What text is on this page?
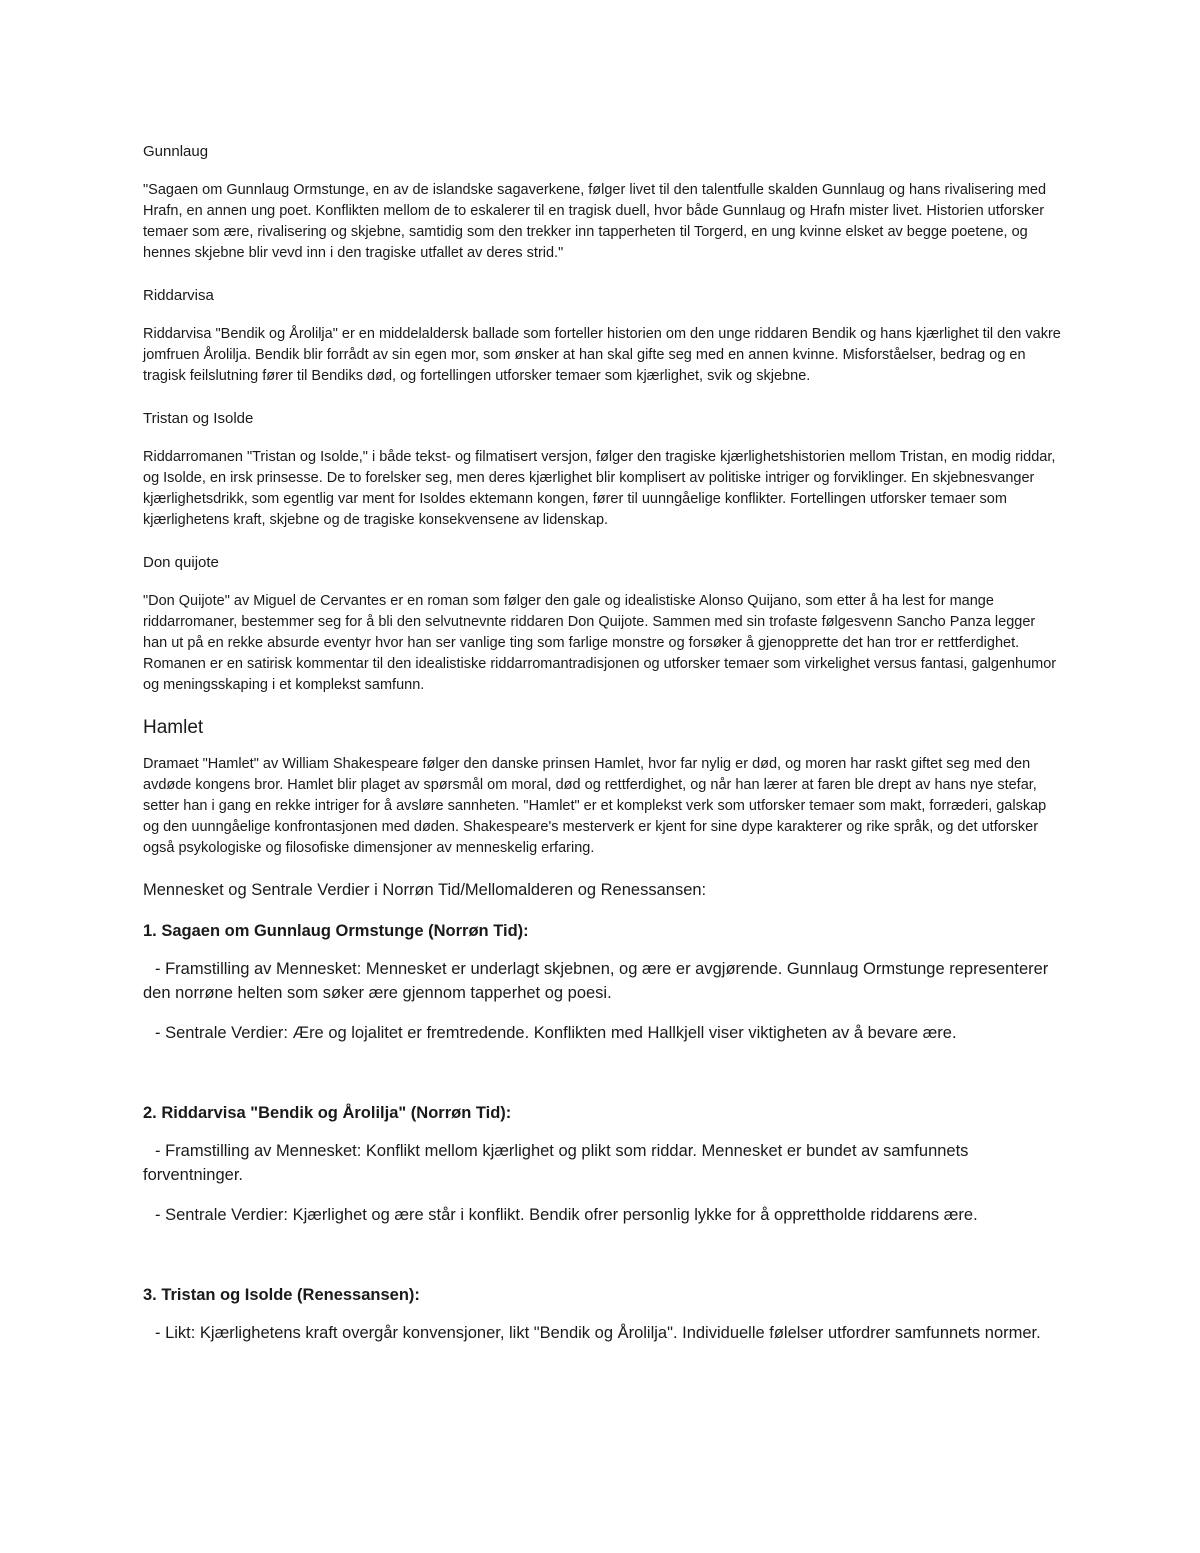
Gunnlaug

"Sagaen om Gunnlaug Ormstunge, en av de islandske sagaverkene, følger livet til den talentfulle skalden Gunnlaug og hans rivalisering med Hrafn, en annen ung poet. Konflikten mellom de to eskalerer til en tragisk duell, hvor både Gunnlaug og Hrafn mister livet. Historien utforsker temaer som ære, rivalisering og skjebne, samtidig som den trekker inn tapperheten til Torgerd, en ung kvinne elsket av begge poetene, og hennes skjebne blir vevd inn i den tragiske utfallet av deres strid."

Riddarvisa

Riddarvisa "Bendik og Årolilja" er en middelaldersk ballade som forteller historien om den unge riddaren Bendik og hans kjærlighet til den vakre jomfruen Årolilja. Bendik blir forrådt av sin egen mor, som ønsker at han skal gifte seg med en annen kvinne. Misforståelser, bedrag og en tragisk feilslutning fører til Bendiks død, og fortellingen utforsker temaer som kjærlighet, svik og skjebne.

Tristan og Isolde

Riddarromanen "Tristan og Isolde," i både tekst- og filmatisert versjon, følger den tragiske kjærlighetshistorien mellom Tristan, en modig riddar, og Isolde, en irsk prinsesse. De to forelsker seg, men deres kjærlighet blir komplisert av politiske intriger og forviklinger. En skjebnesvanger kjærlighetsdrikk, som egentlig var ment for Isoldes ektemann kongen, fører til uunngåelige konflikter. Fortellingen utforsker temaer som kjærlighetens kraft, skjebne og de tragiske konsekvensene av lidenskap.

Don quijote

"Don Quijote" av Miguel de Cervantes er en roman som følger den gale og idealistiske Alonso Quijano, som etter å ha lest for mange riddarromaner, bestemmer seg for å bli den selvutnevnte riddaren Don Quijote. Sammen med sin trofaste følgesvenn Sancho Panza legger han ut på en rekke absurde eventyr hvor han ser vanlige ting som farlige monstre og forsøker å gjenopprette det han tror er rettferdighet. Romanen er en satirisk kommentar til den idealistiske riddarromantradisjonen og utforsker temaer som virkelighet versus fantasi, galgenhumor og meningsskaping i et komplekst samfunn.

Hamlet

Dramaet "Hamlet" av William Shakespeare følger den danske prinsen Hamlet, hvor far nylig er død, og moren har raskt giftet seg med den avdøde kongens bror. Hamlet blir plaget av spørsmål om moral, død og rettferdighet, og når han lærer at faren ble drept av hans nye stefar, setter han i gang en rekke intriger for å avsløre sannheten. "Hamlet" er et komplekst verk som utforsker temaer som makt, forræderi, galskap og den uunngåelige konfrontasjonen med døden. Shakespeare's mesterverk er kjent for sine dype karakterer og rike språk, og det utforsker også psykologiske og filosofiske dimensjoner av menneskelig erfaring.

Mennesket og Sentrale Verdier i Norrøn Tid/Mellomalderen og Renessansen:

1. Sagaen om Gunnlaug Ormstunge (Norrøn Tid):

- Framstilling av Mennesket: Mennesket er underlagt skjebnen, og ære er avgjørende. Gunnlaug Ormstunge representerer den norrøne helten som søker ære gjennom tapperhet og poesi.

- Sentrale Verdier: Ære og lojalitet er fremtredende. Konflikten med Hallkjell viser viktigheten av å bevare ære.

2. Riddarvisa "Bendik og Årolilja" (Norrøn Tid):

- Framstilling av Mennesket: Konflikt mellom kjærlighet og plikt som riddar. Mennesket er bundet av samfunnets forventninger.

- Sentrale Verdier: Kjærlighet og ære står i konflikt. Bendik ofrer personlig lykke for å opprettholde riddarens ære.

3. Tristan og Isolde (Renessansen):

- Likt: Kjærlighetens kraft overgår konvensjoner, likt "Bendik og Årolilja". Individuelle følelser utfordrer samfunnets normer.
